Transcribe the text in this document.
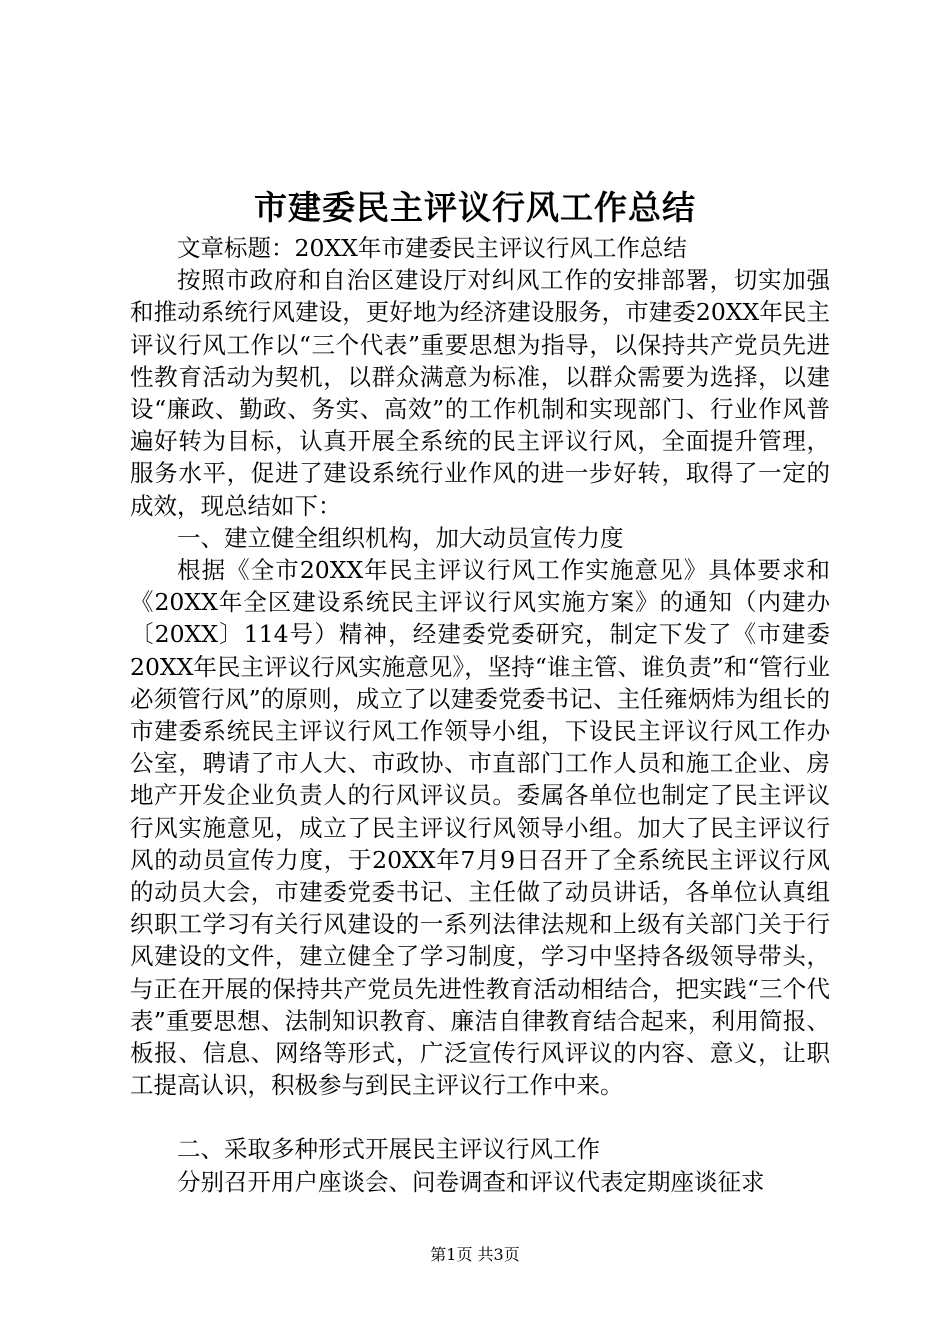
市建委民主评议行风工作总结

文章标题：20XX年市建委民主评议行风工作总结

按照市政府和自治区建设厅对纠风工作的安排部署，切实加强和推动系统行风建设，更好地为经济建设服务，市建委20XX年民主评议行风工作以“三个代表”重要思想为指导，以保持共产党员先进性教育活动为契机，以群众满意为标准，以群众需要为选择，以建设“廉政、勤政、务实、高效”的工作机制和实现部门、行业作风普遍好转为目标，认真开展全系统的民主评议行风，全面提升管理，服务水平，促进了建设系统行业作风的进一步好转，取得了一定的成效，现总结如下：

一、建立健全组织机构，加大动员宣传力度

根据《全市20XX年民主评议行风工作实施意见》具体要求和《20XX年全区建设系统民主评议行风实施方案》的通知（内建办〔20XX〕114号）精神，经建委党委研究，制定下发了《市建委20XX年民主评议行风实施意见》，坚持“谁主管、谁负责”和“管行业必须管行风”的原则，成立了以建委党委书记、主任雍炳炜为组长的市建委系统民主评议行风工作领导小组，下设民主评议行风工作办公室，聘请了市人大、市政协、市直部门工作人员和施工企业、房地产开发企业负责人的行风评议员。委属各单位也制定了民主评议行风实施意见，成立了民主评议行风领导小组。加大了民主评议行风的动员宣传力度，于20XX年7月9日召开了全系统民主评议行风的动员大会，市建委党委书记、主任做了动员讲话，各单位认真组织职工学习有关行风建设的一系列法律法规和上级有关部门关于行风建设的文件，建立健全了学习制度，学习中坚持各级领导带头，与正在开展的保持共产党员先进性教育活动相结合，把实践“三个代表”重要思想、法制知识教育、廉洁自律教育结合起来，利用简报、板报、信息、网络等形式，广泛宣传行风评议的内容、意义，让职工提高认识，积极参与到民主评议行工作中来。

二、采取多种形式开展民主评议行风工作

分别召开用户座谈会、问卷调查和评议代表定期座谈征求

第1页 共3页
